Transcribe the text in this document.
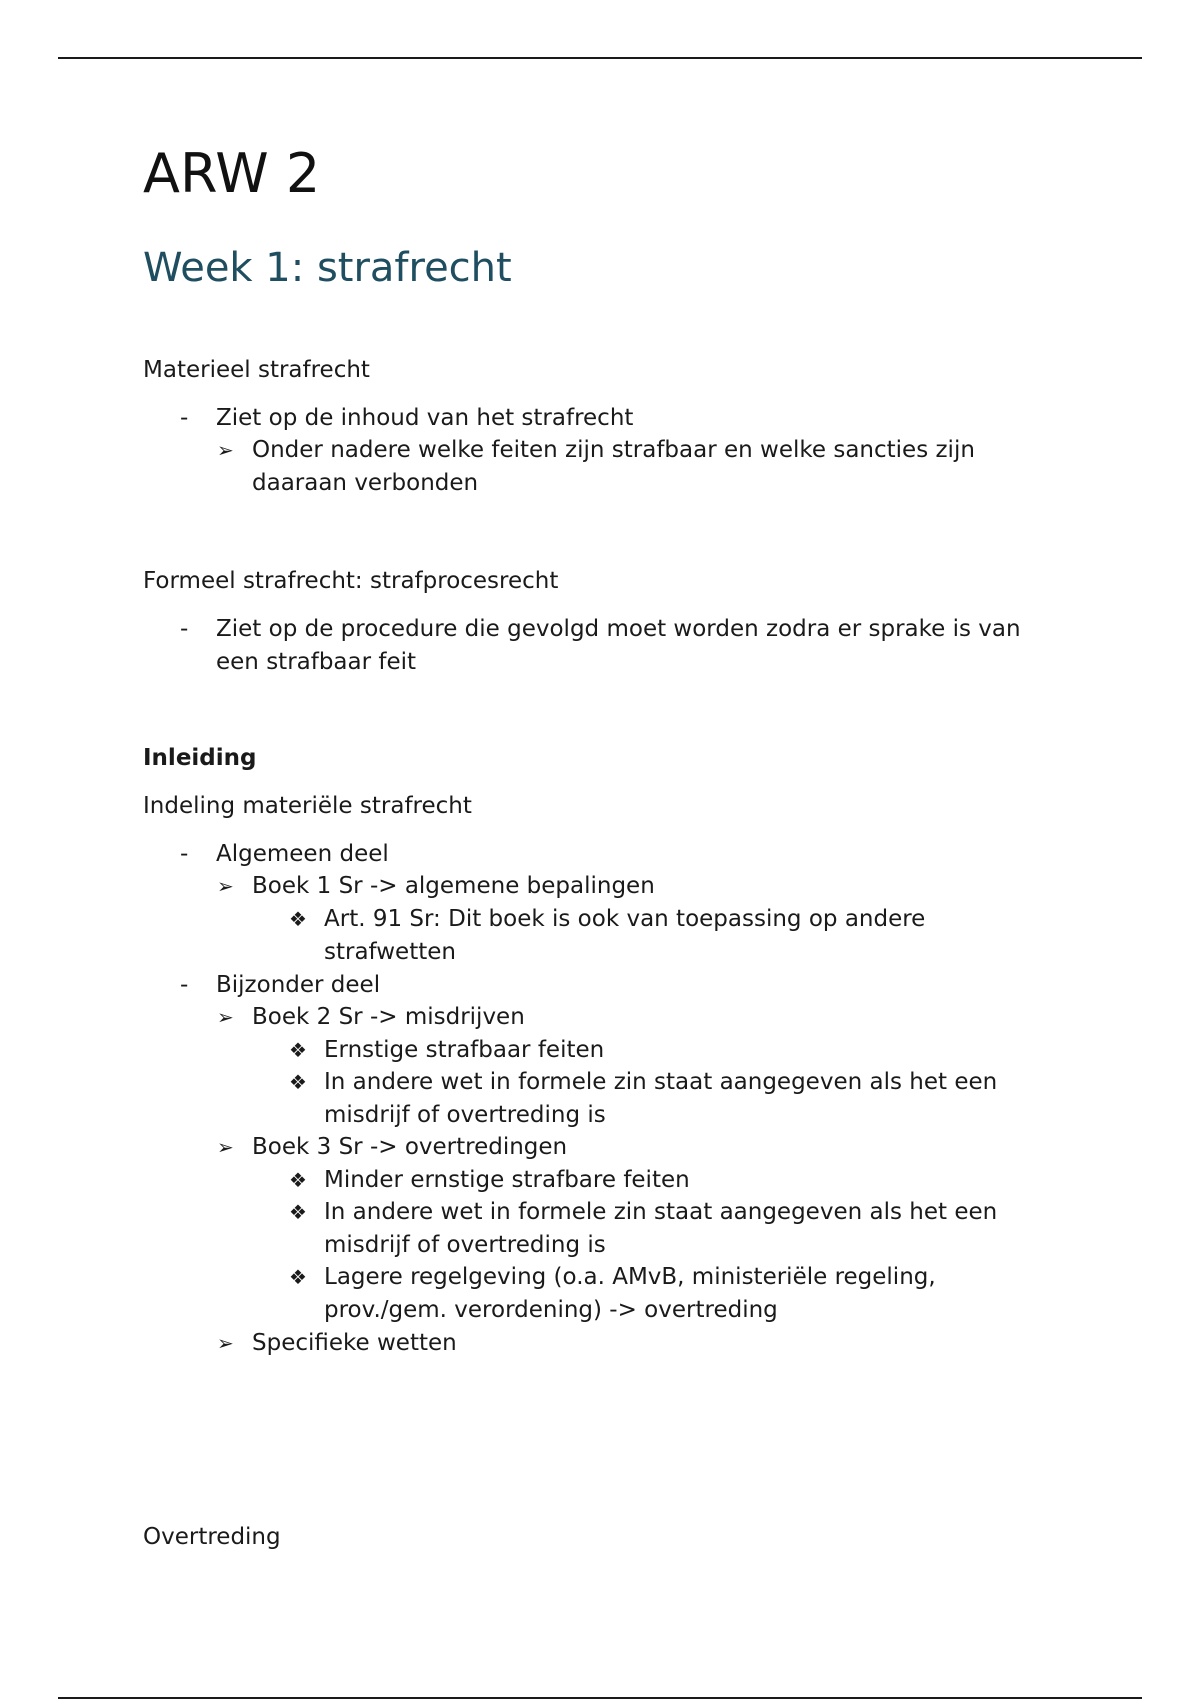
ARW 2
Week 1: strafrecht

Materieel strafrecht

- Ziet op de inhoud van het strafrecht
➢ Onder nadere welke feiten zijn strafbaar en welke sancties zijn daaraan verbonden

Formeel strafrecht: strafprocesrecht

- Ziet op de procedure die gevolgd moet worden zodra er sprake is van een strafbaar feit

Inleiding

Indeling materiële strafrecht

- Algemeen deel
➢ Boek 1 Sr -> algemene bepalingen
❖ Art. 91 Sr: Dit boek is ook van toepassing op andere strafwetten
- Bijzonder deel
➢ Boek 2 Sr -> misdrijven
❖ Ernstige strafbaar feiten
❖ In andere wet in formele zin staat aangegeven als het een misdrijf of overtreding is
➢ Boek 3 Sr -> overtredingen
❖ Minder ernstige strafbare feiten
❖ In andere wet in formele zin staat aangegeven als het een misdrijf of overtreding is
❖ Lagere regelgeving (o.a. AMvB, ministeriële regeling, prov./gem. verordening) -> overtreding
➢ Specifieke wetten

Overtreding
